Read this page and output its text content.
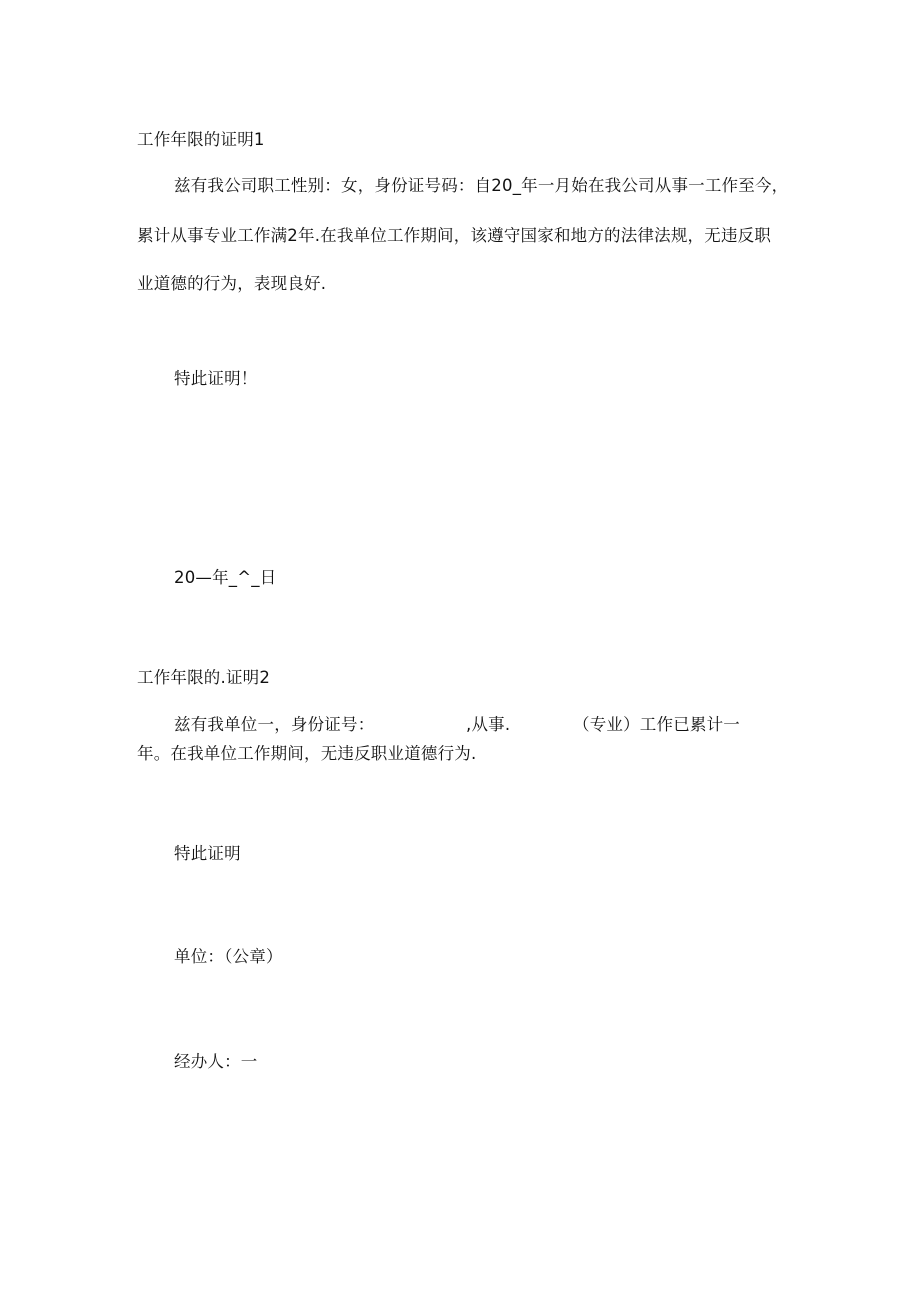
工作年限的证明1
兹有我公司职工性别：女，身份证号码：自20_年一月始在我公司从事一工作至今，
累计从事专业工作满2年.在我单位工作期间，该遵守国家和地方的法律法规，无违反职
业道德的行为，表现良好.
特此证明！
20—年_^_日
工作年限的.证明2
兹有我单位一，身份证号：	,从事.	（专业）工作已累计一
年。在我单位工作期间，无违反职业道德行为.
特此证明
单位：（公章）
经办人：一
